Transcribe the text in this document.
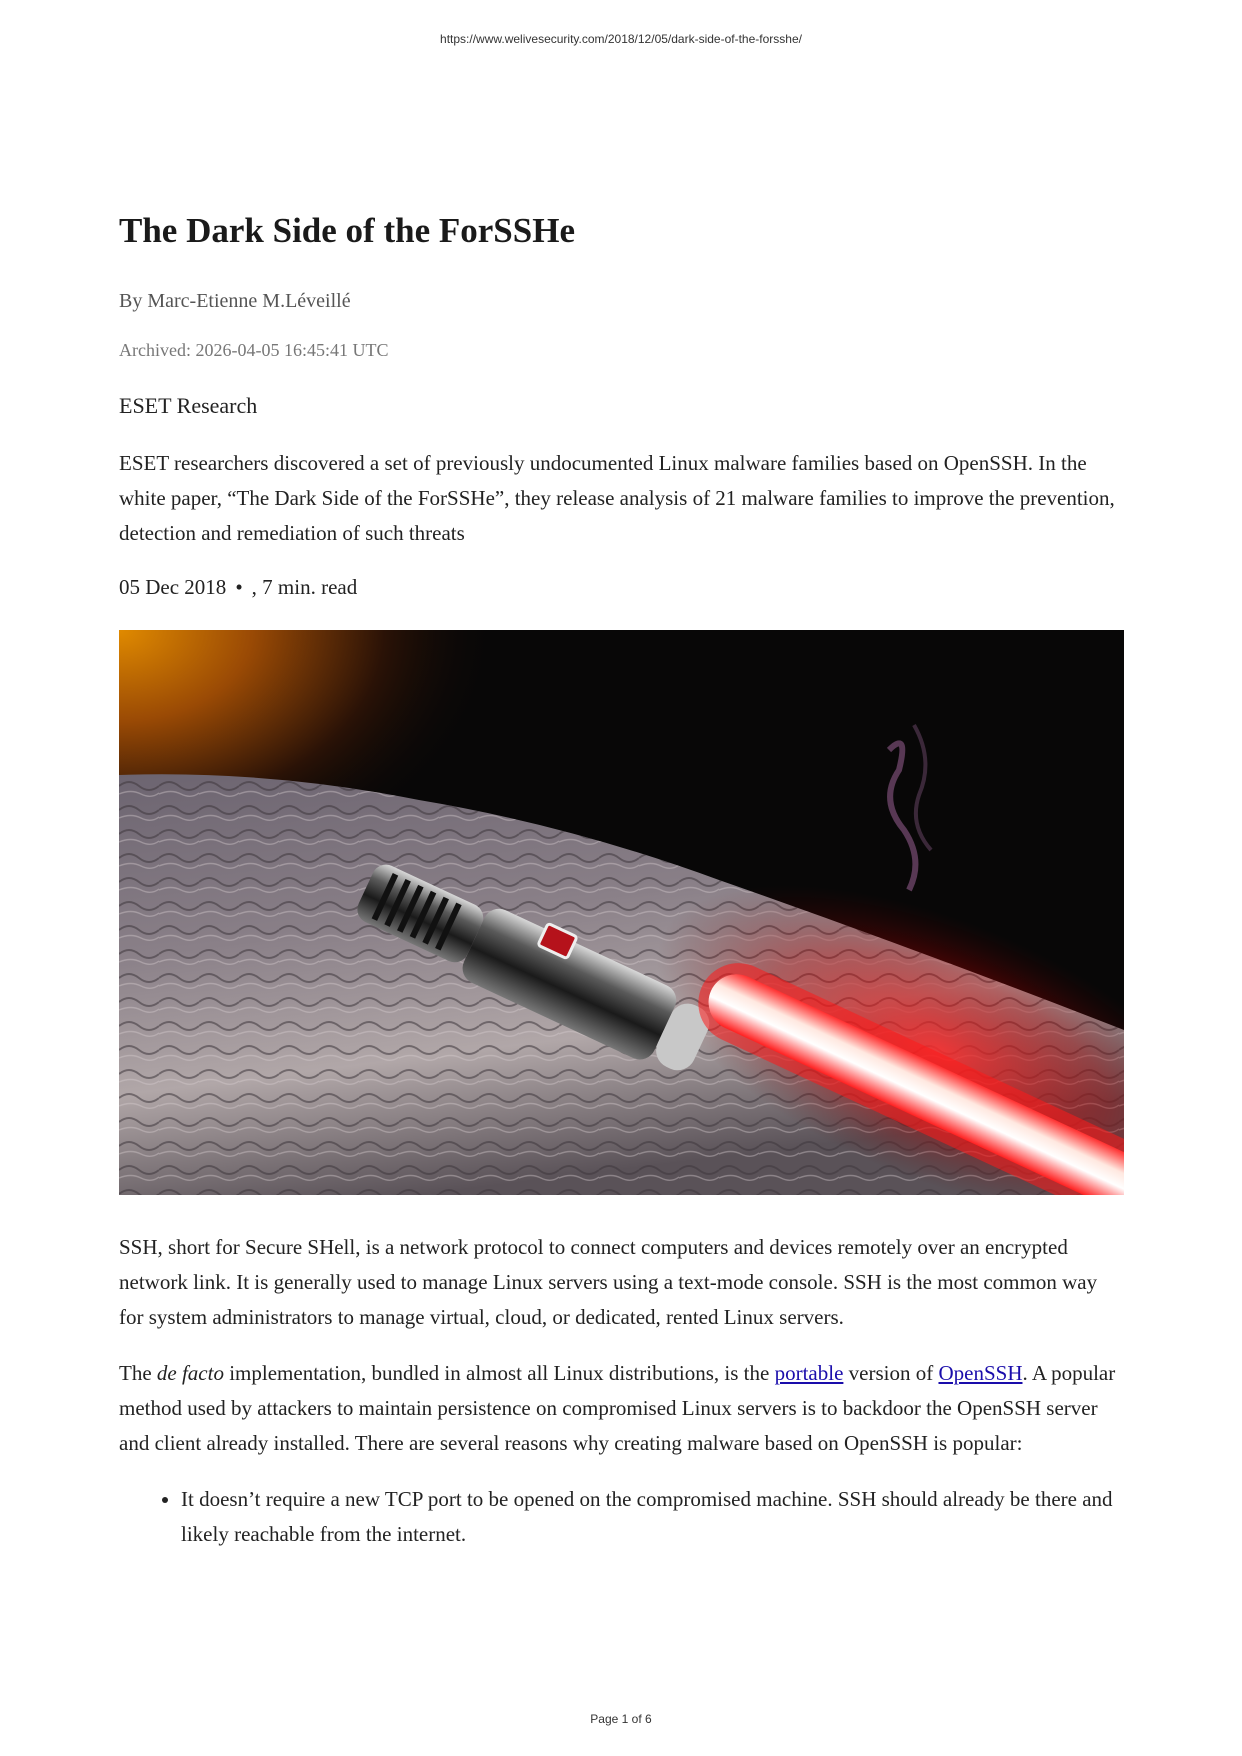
https://www.welivesecurity.com/2018/12/05/dark-side-of-the-forsshe/
The Dark Side of the ForSSHe
By Marc-Etienne M.Léveillé
Archived: 2026-04-05 16:45:41 UTC
ESET Research

ESET researchers discovered a set of previously undocumented Linux malware families based on OpenSSH. In the white paper, “The Dark Side of the ForSSHe”, they release analysis of 21 malware families to improve the prevention, detection and remediation of such threats

05 Dec 2018 • , 7 min. read

SSH, short for Secure SHell, is a network protocol to connect computers and devices remotely over an encrypted network link. It is generally used to manage Linux servers using a text-mode console. SSH is the most common way for system administrators to manage virtual, cloud, or dedicated, rented Linux servers.

The de facto implementation, bundled in almost all Linux distributions, is the portable version of OpenSSH. A popular method used by attackers to maintain persistence on compromised Linux servers is to backdoor the OpenSSH server and client already installed. There are several reasons why creating malware based on OpenSSH is popular:

• It doesn’t require a new TCP port to be opened on the compromised machine. SSH should already be there and likely reachable from the internet.
Page 1 of 6
